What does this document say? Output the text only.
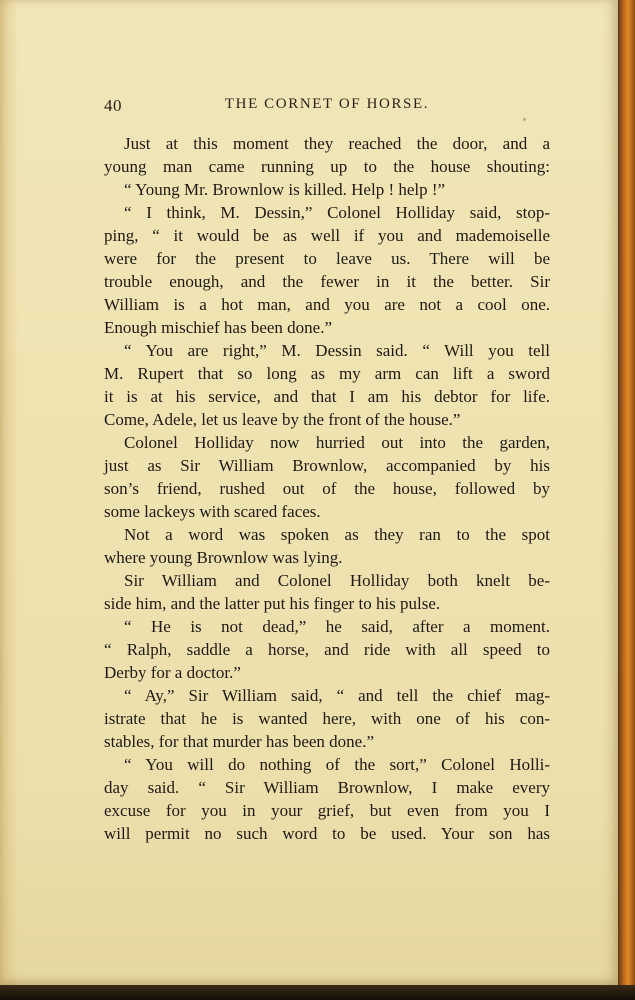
40	THE CORNET OF HORSE.
Just at this moment they reached the door, and a
young man came running up to the house shouting:
“ Young Mr. Brownlow is killed. Help ! help !”
“ I think, M. Dessin,” Colonel Holliday said, stop-
ping, “ it would be as well if you and mademoiselle
were for the present to leave us. There will be
trouble enough, and the fewer in it the better. Sir
William is a hot man, and you are not a cool one.
Enough mischief has been done.”
“ You are right,” M. Dessin said. “ Will you tell
M. Rupert that so long as my arm can lift a sword
it is at his service, and that I am his debtor for life.
Come, Adele, let us leave by the front of the house.”
Colonel Holliday now hurried out into the garden,
just as Sir William Brownlow, accompanied by his
son’s friend, rushed out of the house, followed by
some lackeys with scared faces.
Not a word was spoken as they ran to the spot
where young Brownlow was lying.
Sir William and Colonel Holliday both knelt be-
side him, and the latter put his finger to his pulse.
“ He is not dead,” he said, after a moment.
“ Ralph, saddle a horse, and ride with all speed to
Derby for a doctor.”
“ Ay,” Sir William said, “ and tell the chief mag-
istrate that he is wanted here, with one of his con-
stables, for that murder has been done.”
“ You will do nothing of the sort,” Colonel Holli-
day said. “ Sir William Brownlow, I make every
excuse for you in your grief, but even from you I
will permit no such word to be used. Your son has
